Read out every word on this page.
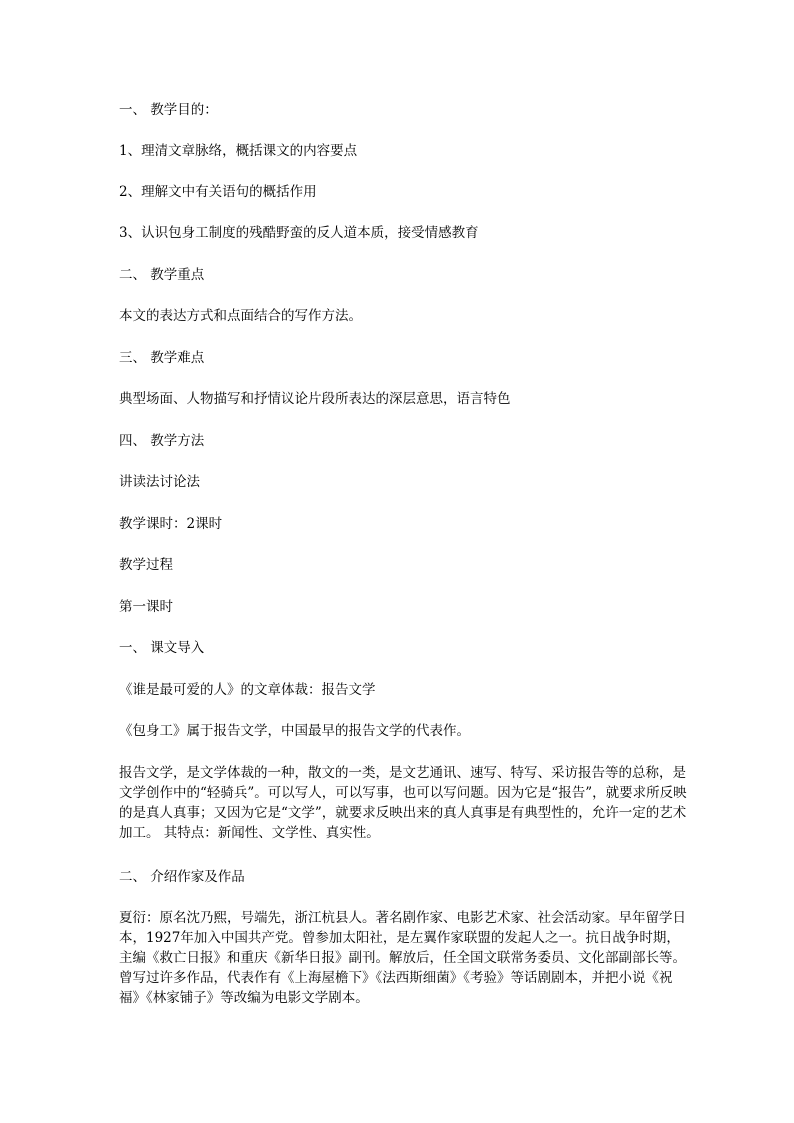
一、 教学目的：
1、理清文章脉络，概括课文的内容要点
2、理解文中有关语句的概括作用
3、认识包身工制度的残酷野蛮的反人道本质，接受情感教育
二、 教学重点
本文的表达方式和点面结合的写作方法。
三、 教学难点
典型场面、人物描写和抒情议论片段所表达的深层意思，语言特色
四、 教学方法
讲读法讨论法
教学课时：2课时
教学过程
第一课时
一、 课文导入
《谁是最可爱的人》的文章体裁：报告文学
《包身工》属于报告文学，中国最早的报告文学的代表作。
报告文学，是文学体裁的一种，散文的一类，是文艺通讯、速写、特写、采访报告等的总称，是文学创作中的“轻骑兵”。可以写人，可以写事，也可以写问题。因为它是“报告”，就要求所反映的是真人真事；又因为它是“文学”，就要求反映出来的真人真事是有典型性的，允许一定的艺术加工。 其特点：新闻性、文学性、真实性。
二、 介绍作家及作品
夏衍：原名沈乃熙，号端先，浙江杭县人。著名剧作家、电影艺术家、社会活动家。早年留学日本，1927年加入中国共产党。曾参加太阳社，是左翼作家联盟的发起人之一。抗日战争时期，主编《救亡日报》和重庆《新华日报》副刊。解放后，任全国文联常务委员、文化部副部长等。曾写过许多作品，代表作有《上海屋檐下》《法西斯细菌》《考验》等话剧剧本，并把小说《祝福》《林家铺子》等改编为电影文学剧本。
